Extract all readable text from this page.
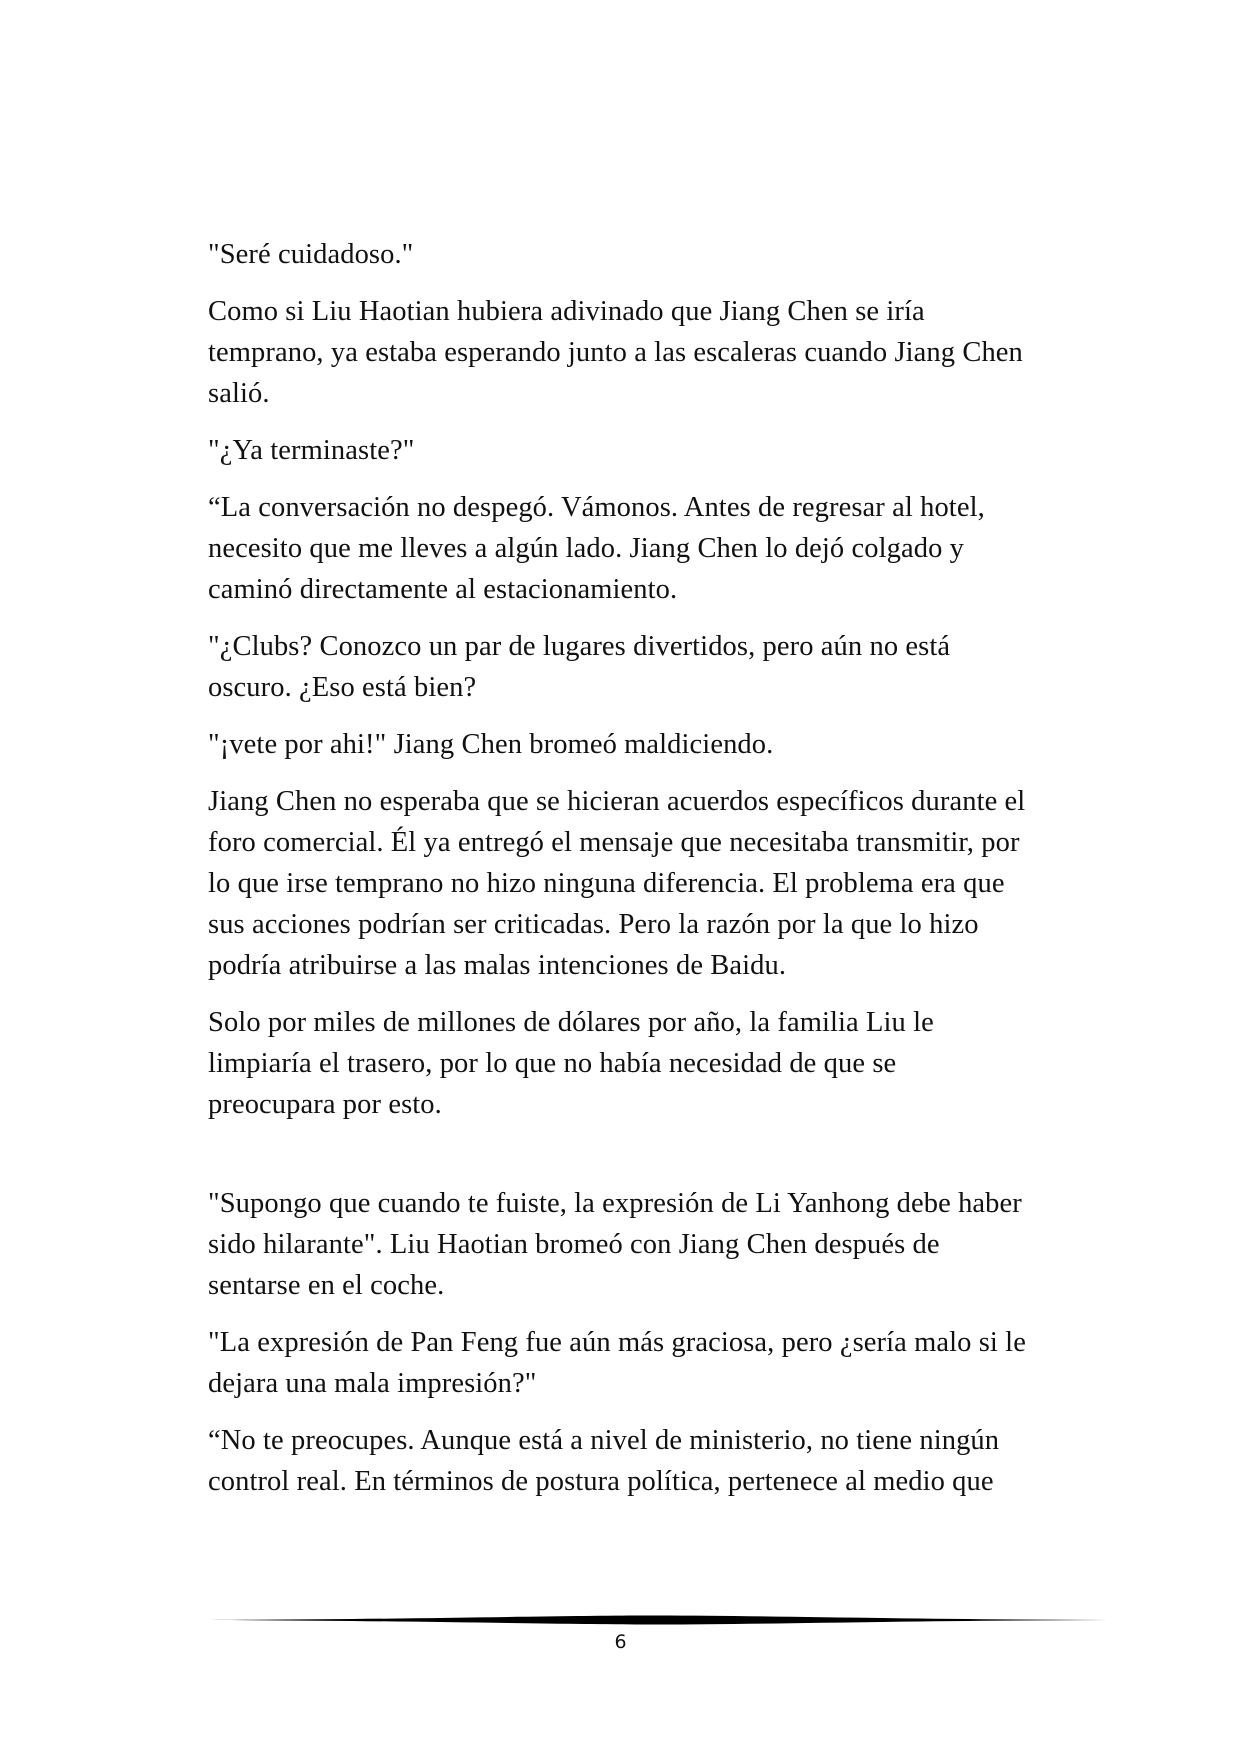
"Seré cuidadoso."

Como si Liu Haotian hubiera adivinado que Jiang Chen se iría
temprano, ya estaba esperando junto a las escaleras cuando Jiang Chen
salió.

"¿Ya terminaste?"

“La conversación no despegó. Vámonos. Antes de regresar al hotel,
necesito que me lleves a algún lado. Jiang Chen lo dejó colgado y
caminó directamente al estacionamiento.

"¿Clubs? Conozco un par de lugares divertidos, pero aún no está
oscuro. ¿Eso está bien?

"¡vete por ahi!" Jiang Chen bromeó maldiciendo.

Jiang Chen no esperaba que se hicieran acuerdos específicos durante el
foro comercial. Él ya entregó el mensaje que necesitaba transmitir, por
lo que irse temprano no hizo ninguna diferencia. El problema era que
sus acciones podrían ser criticadas. Pero la razón por la que lo hizo
podría atribuirse a las malas intenciones de Baidu.

Solo por miles de millones de dólares por año, la familia Liu le
limpiaría el trasero, por lo que no había necesidad de que se
preocupara por esto.

"Supongo que cuando te fuiste, la expresión de Li Yanhong debe haber
sido hilarante". Liu Haotian bromeó con Jiang Chen después de
sentarse en el coche.

"La expresión de Pan Feng fue aún más graciosa, pero ¿sería malo si le
dejara una mala impresión?"

“No te preocupes. Aunque está a nivel de ministerio, no tiene ningún
control real. En términos de postura política, pertenece al medio que

6
